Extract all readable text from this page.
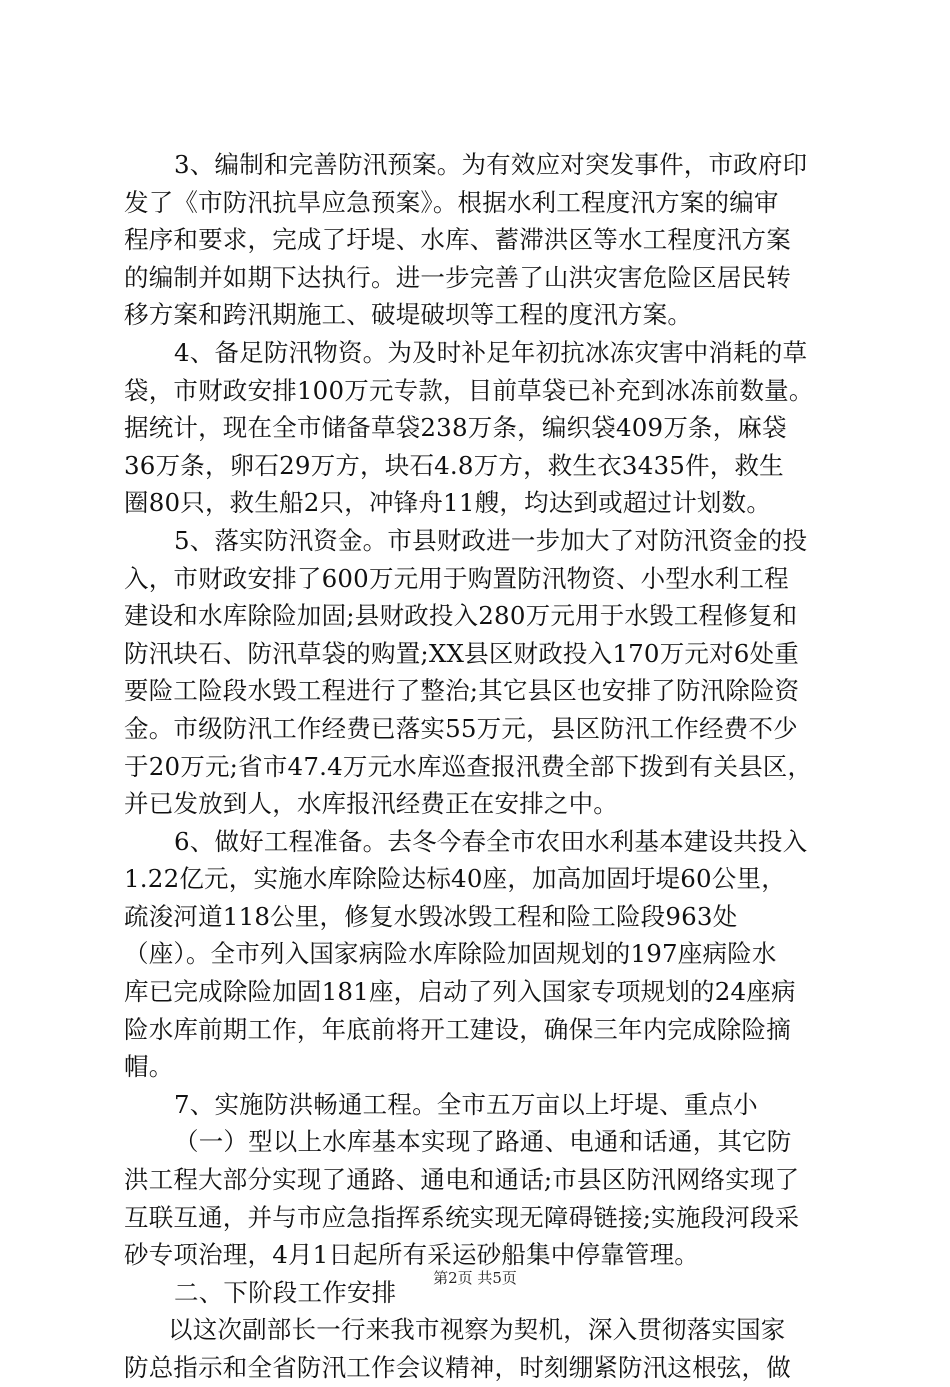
3、编制和完善防汛预案。为有效应对突发事件，市政府印
发了《市防汛抗旱应急预案》。根据水利工程度汛方案的编审
程序和要求，完成了圩堤、水库、蓄滞洪区等水工程度汛方案
的编制并如期下达执行。进一步完善了山洪灾害危险区居民转
移方案和跨汛期施工、破堤破坝等工程的度汛方案。
4、备足防汛物资。为及时补足年初抗冰冻灾害中消耗的草
袋，市财政安排100万元专款，目前草袋已补充到冰冻前数量。
据统计，现在全市储备草袋238万条，编织袋409万条，麻袋
36万条，卵石29万方，块石4.8万方，救生衣3435件，救生
圈80只，救生船2只，冲锋舟11艘，均达到或超过计划数。
5、落实防汛资金。市县财政进一步加大了对防汛资金的投
入，市财政安排了600万元用于购置防汛物资、小型水利工程
建设和水库除险加固;县财政投入280万元用于水毁工程修复和
防汛块石、防汛草袋的购置;XX县区财政投入170万元对6处重
要险工险段水毁工程进行了整治;其它县区也安排了防汛除险资
金。市级防汛工作经费已落实55万元，县区防汛工作经费不少
于20万元;省市47.4万元水库巡查报汛费全部下拨到有关县区，
并已发放到人，水库报汛经费正在安排之中。
6、做好工程准备。去冬今春全市农田水利基本建设共投入
1.22亿元，实施水库除险达标40座，加高加固圩堤60公里，
疏浚河道118公里，修复水毁冰毁工程和险工险段963处
（座）。全市列入国家病险水库除险加固规划的197座病险水
库已完成除险加固181座，启动了列入国家专项规划的24座病
险水库前期工作，年底前将开工建设，确保三年内完成除险摘
帽。
7、实施防洪畅通工程。全市五万亩以上圩堤、重点小
（一）型以上水库基本实现了路通、电通和话通，其它防
洪工程大部分实现了通路、通电和通话;市县区防汛网络实现了
互联互通，并与市应急指挥系统实现无障碍链接;实施段河段采
砂专项治理，4月1日起所有采运砂船集中停靠管理。
二、下阶段工作安排
以这次副部长一行来我市视察为契机，深入贯彻落实国家
防总指示和全省防汛工作会议精神，时刻绷紧防汛这根弦，做
第2页 共5页
